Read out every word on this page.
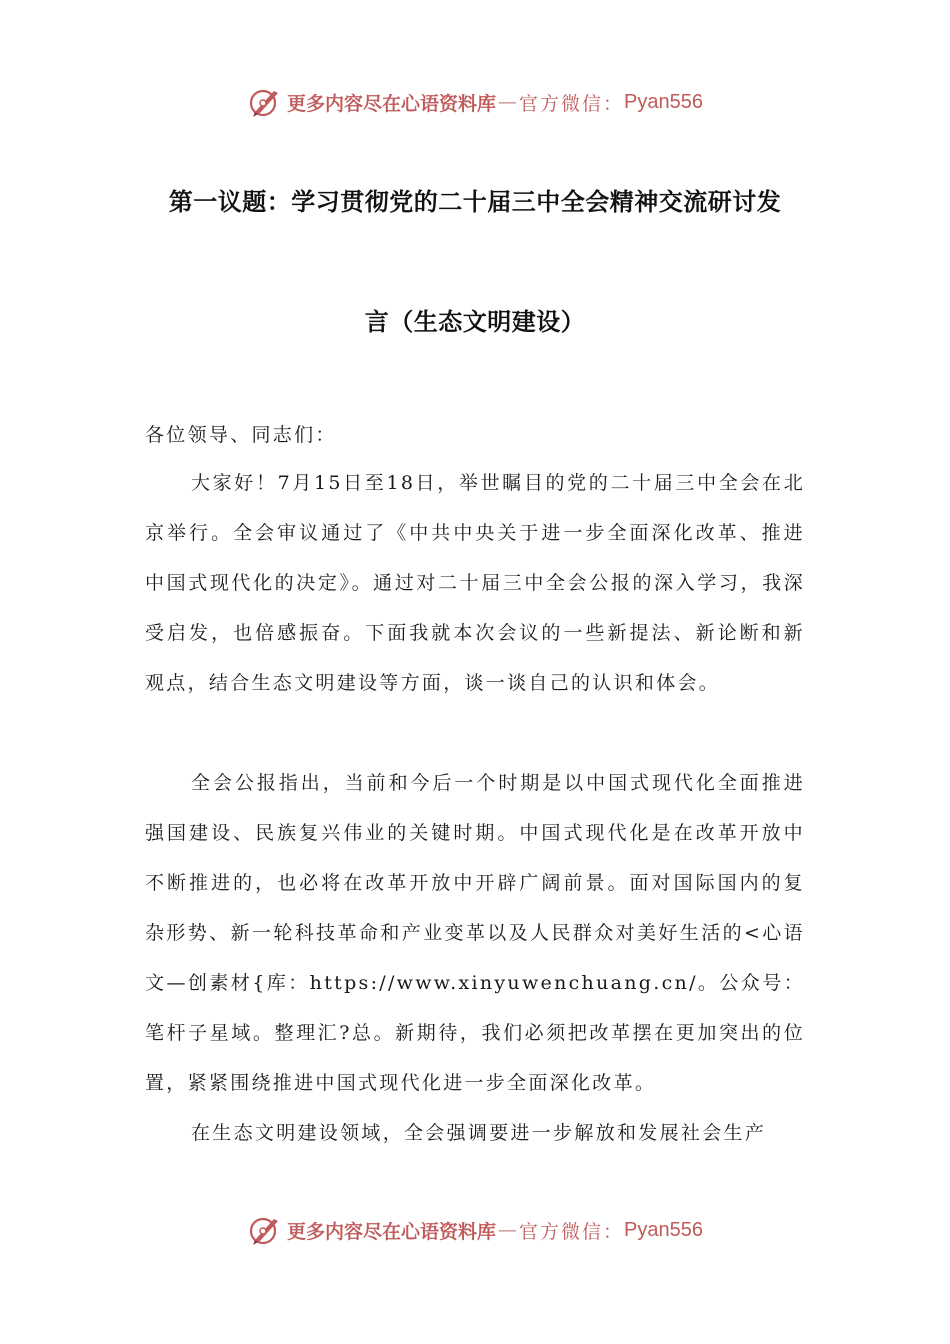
更多内容尽在心语资料库 — 官方微信： Pyan556
第一议题：学习贯彻党的二十届三中全会精神交流研讨发
言（生态文明建设）
各位领导、同志们：

大家好！7月15日至18日，举世瞩目的党的二十届三中全会在北京举行。全会审议通过了《中共中央关于进一步全面深化改革、推进中国式现代化的决定》。通过对二十届三中全会公报的深入学习，我深受启发，也倍感振奋。下面我就本次会议的一些新提法、新论断和新观点，结合生态文明建设等方面，谈一谈自己的认识和体会。

全会公报指出，当前和今后一个时期是以中国式现代化全面推进强国建设、民族复兴伟业的关键时期。中国式现代化是在改革开放中不断推进的，也必将在改革开放中开辟广阔前景。面对国际国内的复杂形势、新一轮科技革命和产业变革以及人民群众对美好生活的<心语文—创素材{库：https://www.xinyuwenchuang.cn/。公众号：笔杆子星域。整理汇?总。新期待，我们必须把改革摆在更加突出的位置，紧紧围绕推进中国式现代化进一步全面深化改革。

在生态文明建设领域，全会强调要进一步解放和发展社会生产

更多内容尽在心语资料库 — 官方微信： Pyan556
